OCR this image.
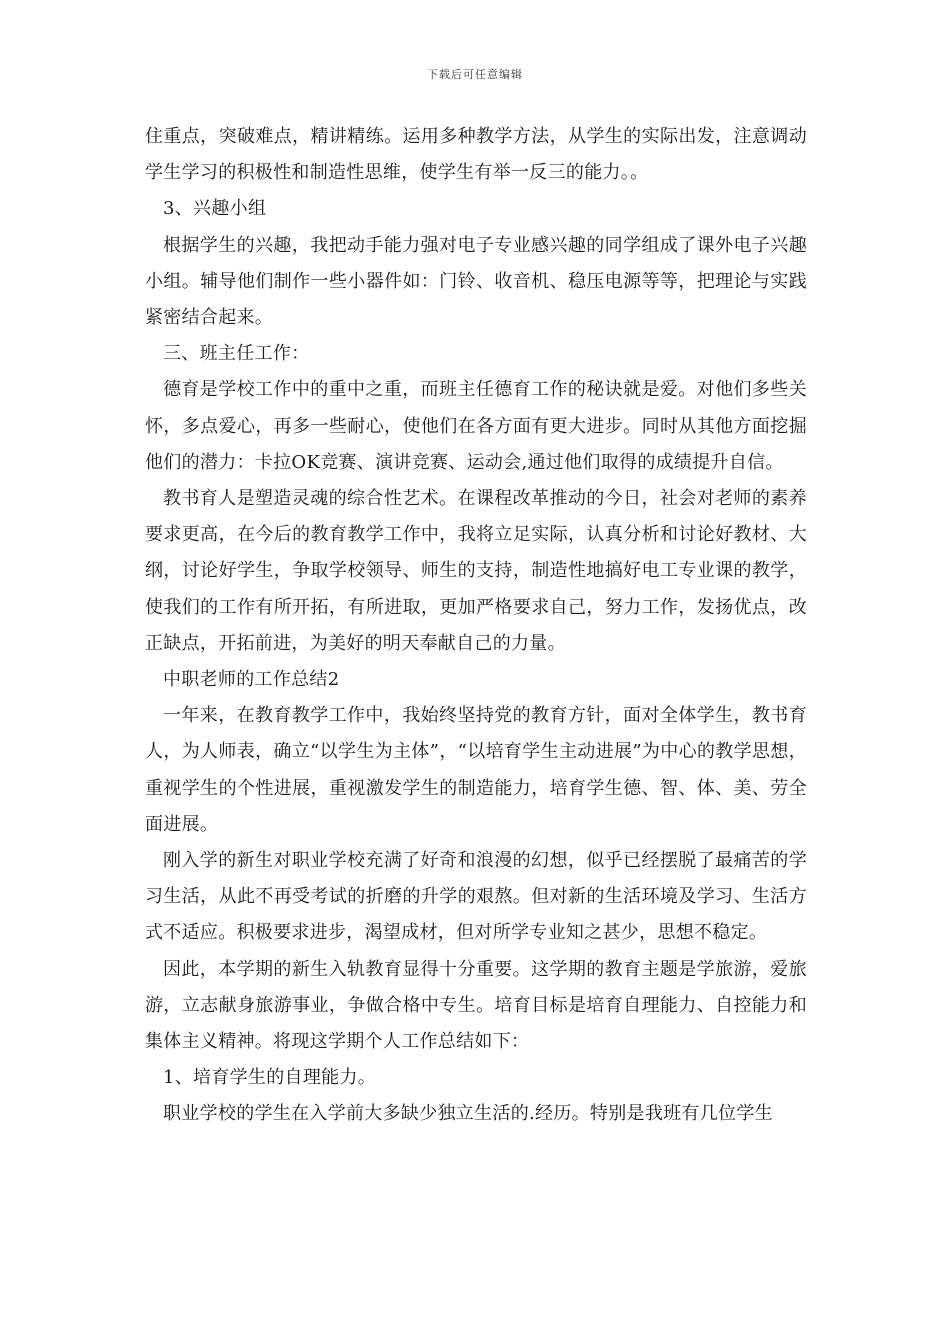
下载后可任意编辑

住重点，突破难点，精讲精练。运用多种教学方法，从学生的实际出发，注意调动学生学习的积极性和制造性思维，使学生有举一反三的能力。。

3、兴趣小组

根据学生的兴趣，我把动手能力强对电子专业感兴趣的同学组成了课外电子兴趣小组。辅导他们制作一些小器件如：门铃、收音机、稳压电源等等，把理论与实践紧密结合起来。

三、班主任工作：

德育是学校工作中的重中之重，而班主任德育工作的秘诀就是爱。对他们多些关怀，多点爱心，再多一些耐心，使他们在各方面有更大进步。同时从其他方面挖掘他们的潜力：卡拉OK竞赛、演讲竞赛、运动会,通过他们取得的成绩提升自信。

教书育人是塑造灵魂的综合性艺术。在课程改革推动的今日，社会对老师的素养要求更高，在今后的教育教学工作中，我将立足实际，认真分析和讨论好教材、大纲，讨论好学生，争取学校领导、师生的支持，制造性地搞好电工专业课的教学，使我们的工作有所开拓，有所进取，更加严格要求自己，努力工作，发扬优点，改正缺点，开拓前进，为美好的明天奉献自己的力量。

中职老师的工作总结2

一年来，在教育教学工作中，我始终坚持党的教育方针，面对全体学生，教书育人，为人师表，确立“以学生为主体”，“以培育学生主动进展”为中心的教学思想，重视学生的个性进展，重视激发学生的制造能力，培育学生德、智、体、美、劳全面进展。

刚入学的新生对职业学校充满了好奇和浪漫的幻想，似乎已经摆脱了最痛苦的学习生活，从此不再受考试的折磨的升学的艰熬。但对新的生活环境及学习、生活方式不适应。积极要求进步，渴望成材，但对所学专业知之甚少，思想不稳定。

因此，本学期的新生入轨教育显得十分重要。这学期的教育主题是学旅游，爱旅游，立志献身旅游事业，争做合格中专生。培育目标是培育自理能力、自控能力和集体主义精神。将现这学期个人工作总结如下：

1、培育学生的自理能力。

职业学校的学生在入学前大多缺少独立生活的.经历。特别是我班有几位学生
